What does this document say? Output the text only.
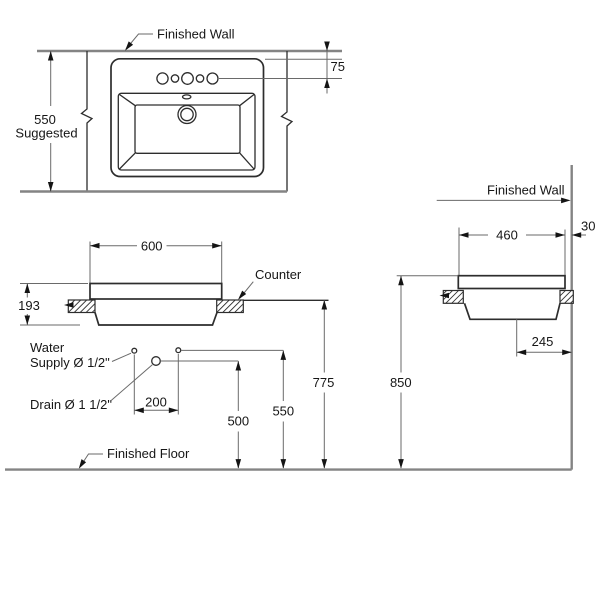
Finished Wall
550
Suggested
75
600
193
Counter
Water
Supply Ø 1/2"
Drain Ø 1 1/2"	200
500
550
775
Finished Floor
Finished Wall
460
30
245
850
